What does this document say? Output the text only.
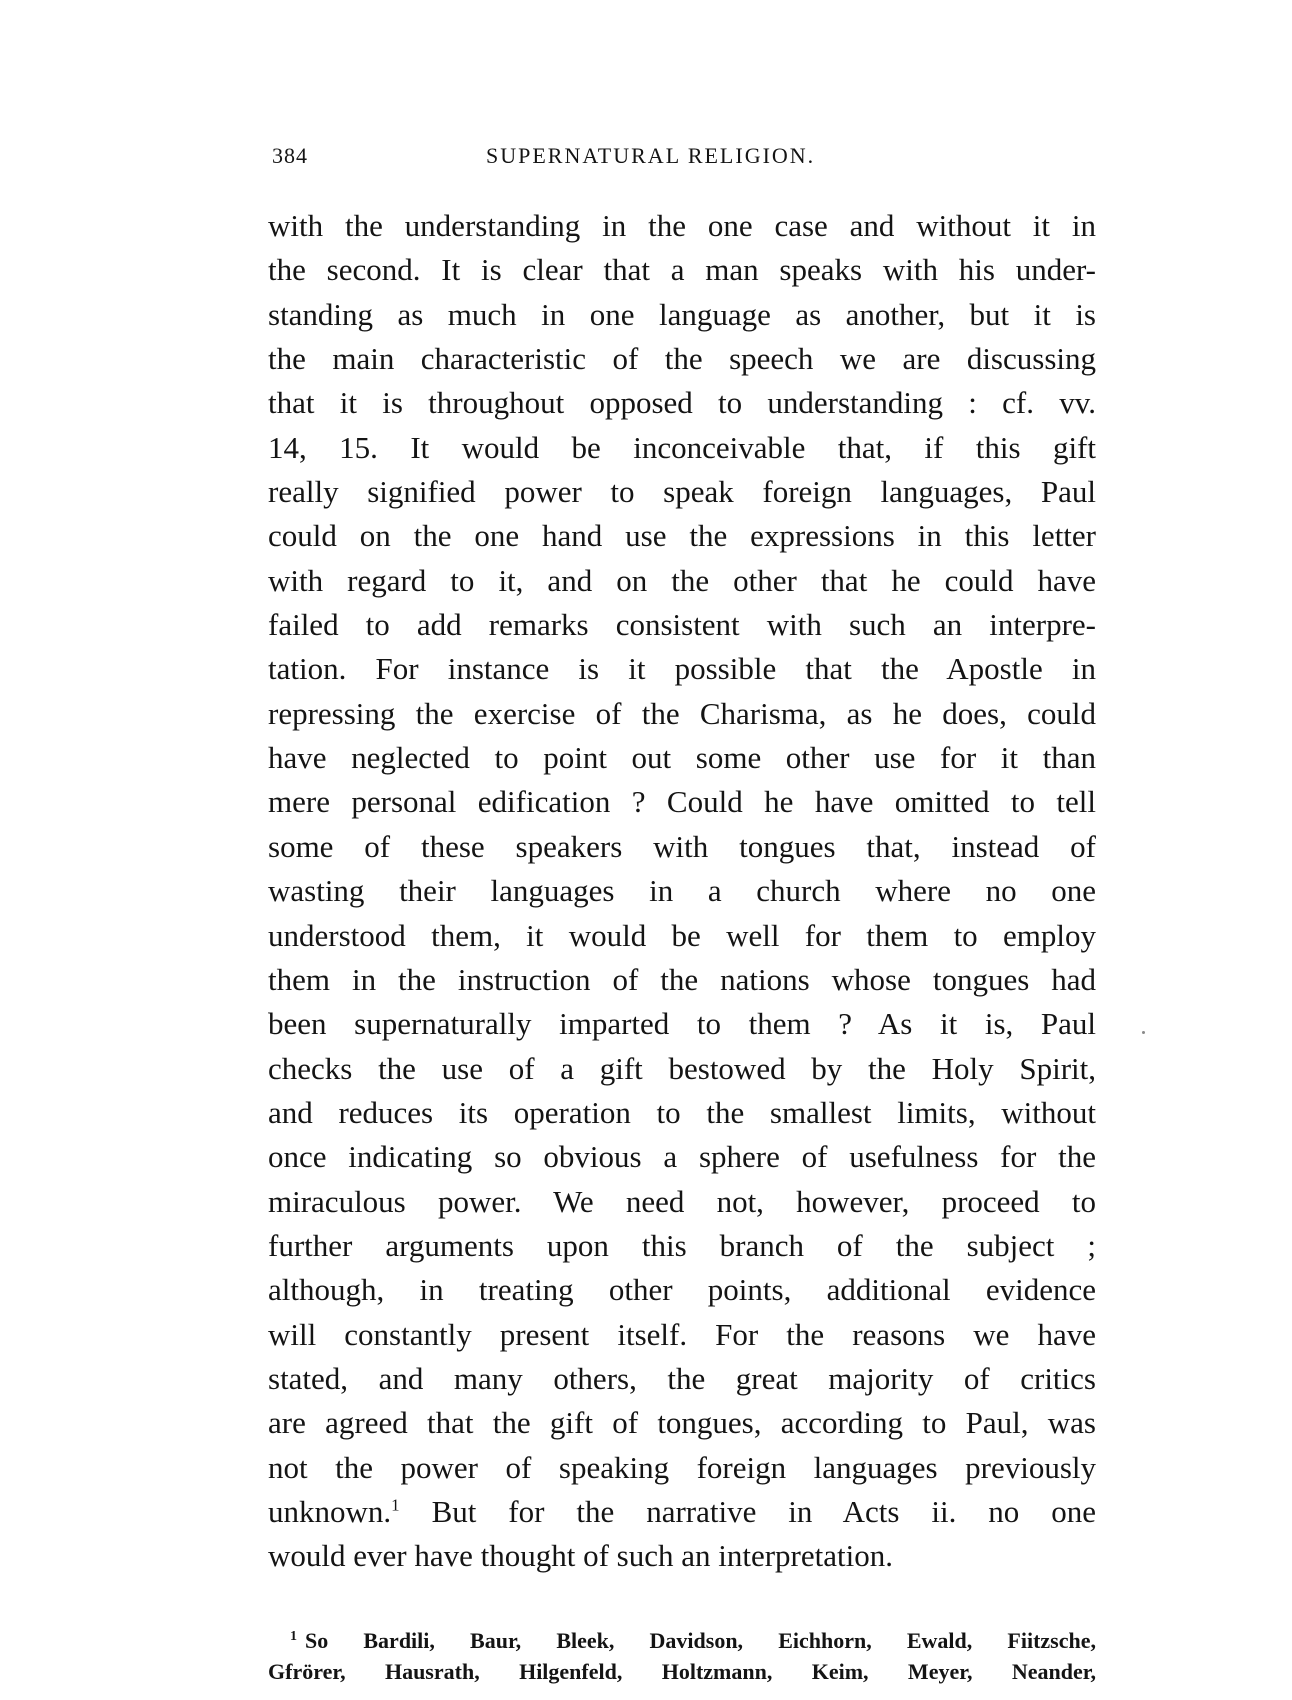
384	SUPERNATURAL RELIGION.
with the understanding in the one case and without it in
the second. It is clear that a man speaks with his under-
standing as much in one language as another, but it is
the main characteristic of the speech we are discussing
that it is throughout opposed to understanding : cf. vv.
14, 15. It would be inconceivable that, if this gift
really signified power to speak foreign languages, Paul
could on the one hand use the expressions in this letter
with regard to it, and on the other that he could have
failed to add remarks consistent with such an interpre-
tation. For instance is it possible that the Apostle in
repressing the exercise of the Charisma, as he does, could
have neglected to point out some other use for it than
mere personal edification ? Could he have omitted to tell
some of these speakers with tongues that, instead of
wasting their languages in a church where no one
understood them, it would be well for them to employ
them in the instruction of the nations whose tongues had
been supernaturally imparted to them ? As it is, Paul
checks the use of a gift bestowed by the Holy Spirit,
and reduces its operation to the smallest limits, without
once indicating so obvious a sphere of usefulness for the
miraculous power. We need not, however, proceed to
further arguments upon this branch of the subject ;
although, in treating other points, additional evidence
will constantly present itself. For the reasons we have
stated, and many others, the great majority of critics
are agreed that the gift of tongues, according to Paul, was
not the power of speaking foreign languages previously
unknown.$^1$ But for the narrative in Acts ii. no one
would ever have thought of such an interpretation.
$^1$ So Bardili, Baur, Bleek, Davidson, Eichhorn, Ewald, Fiitzsche,
Gfrörer, Hausrath, Hilgenfeld, Holtzmann, Keim, Meyer, Neander,
